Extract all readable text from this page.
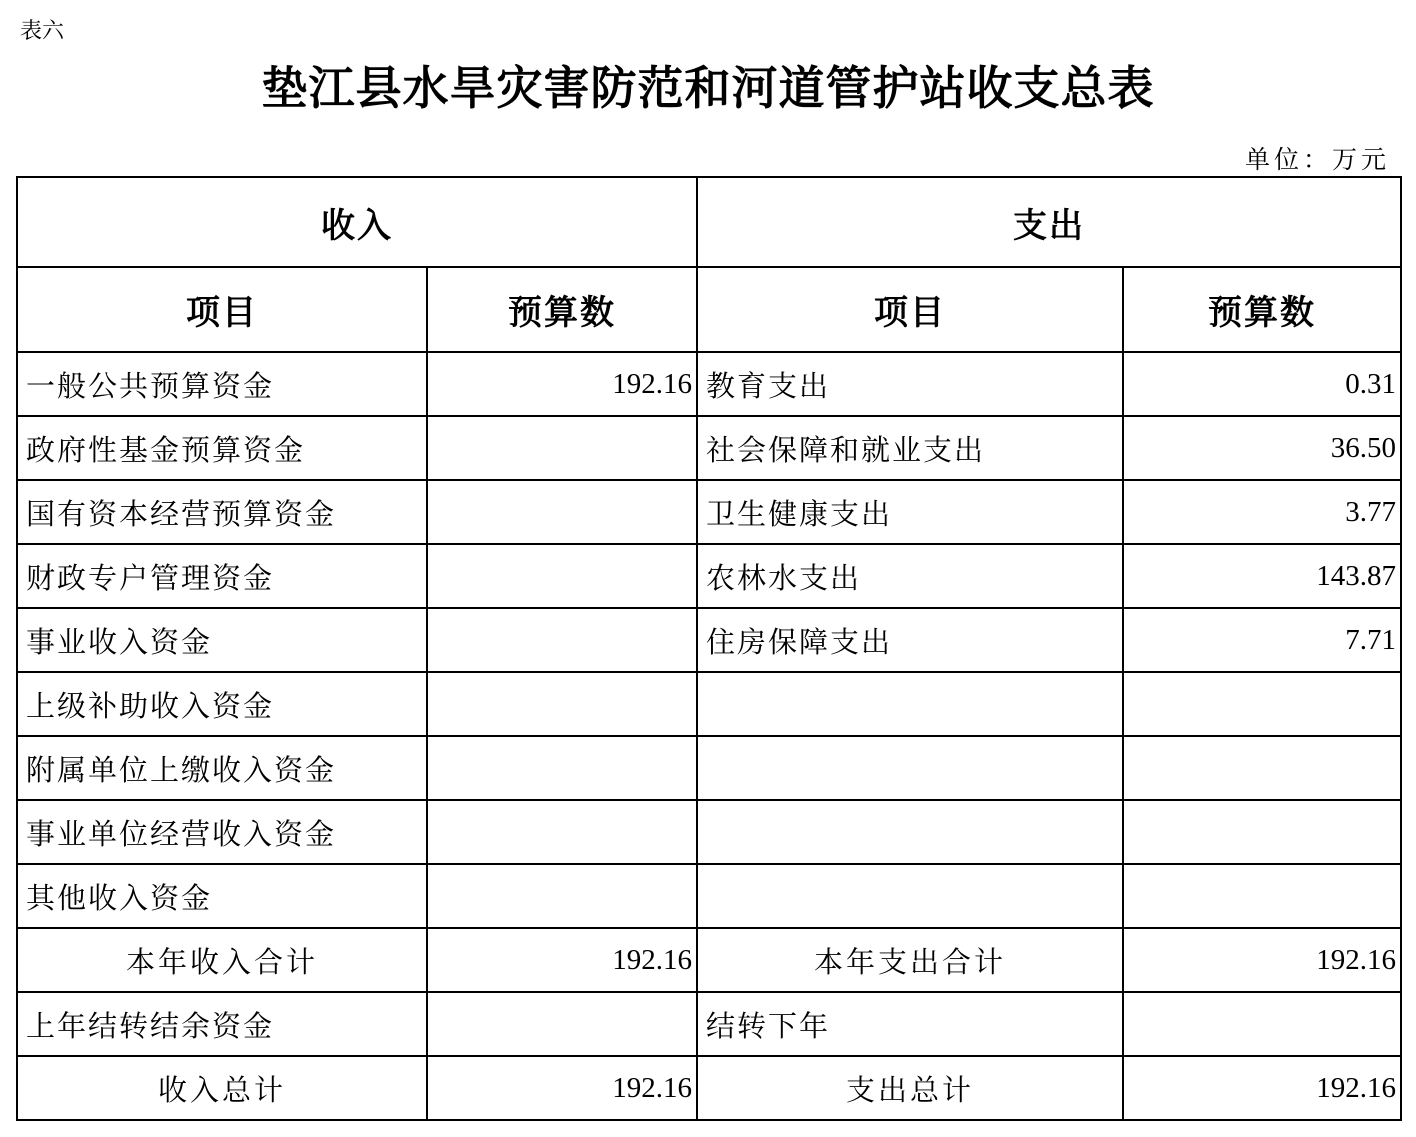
表六
垫江县水旱灾害防范和河道管护站收支总表
单位：万元
收入		支出	
项目	预算数	项目	预算数
一般公共预算资金	192.16	教育支出	0.31
政府性基金预算资金		社会保障和就业支出	36.50
国有资本经营预算资金		卫生健康支出	3.77
财政专户管理资金		农林水支出	143.87
事业收入资金		住房保障支出	7.71
上级补助收入资金			
附属单位上缴收入资金			
事业单位经营收入资金			
其他收入资金			
本年收入合计	192.16	本年支出合计	192.16
上年结转结余资金		结转下年	
收入总计	192.16	支出总计	192.16
